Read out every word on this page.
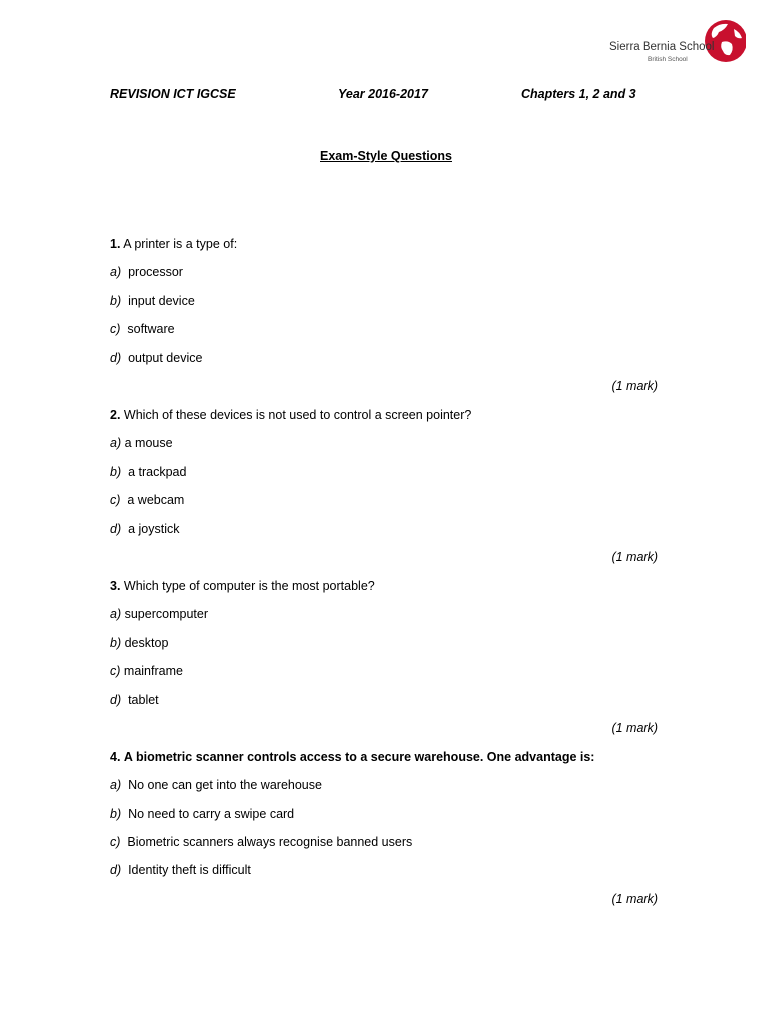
Sierra Bernia School
British School
REVISION ICT IGCSE	Year 2016-2017	Chapters 1, 2 and 3
Exam-Style Questions
1. A printer is a type of:
a) processor
b) input device
c) software
d) output device
(1 mark)
2. Which of these devices is not used to control a screen pointer?
a) a mouse
b) a trackpad
c) a webcam
d) a joystick
(1 mark)
3. Which type of computer is the most portable?
a) supercomputer
b) desktop
c) mainframe
d) tablet
(1 mark)
4. A biometric scanner controls access to a secure warehouse. One advantage is:
a) No one can get into the warehouse
b) No need to carry a swipe card
c) Biometric scanners always recognise banned users
d) Identity theft is difficult
(1 mark)
